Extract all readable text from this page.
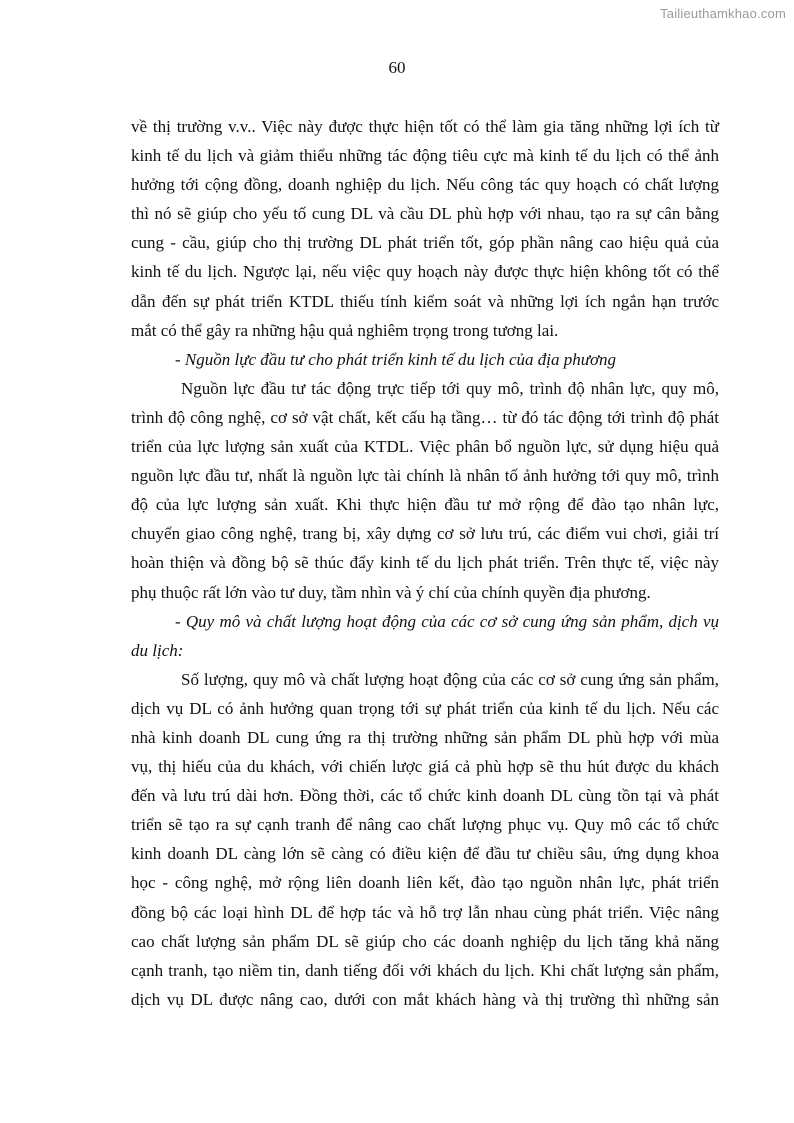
Tailieuthamkhao.com
60
về thị trường v.v.. Việc này được thực hiện tốt có thể làm gia tăng những lợi ích từ
kinh tế du lịch và giảm thiểu những tác động tiêu cực mà kinh tế du lịch có thể ảnh
hưởng tới cộng đồng, doanh nghiệp du lịch. Nếu công tác quy hoạch có chất lượng
thì nó sẽ giúp cho yếu tố cung DL và cầu DL phù hợp với nhau, tạo ra sự cân bằng
cung - cầu, giúp cho thị trường DL phát triển tốt, góp phần nâng cao hiệu quả của
kinh tế du lịch. Ngược lại, nếu việc quy hoạch này được thực hiện không tốt có thể
dẫn đến sự phát triển KTDL thiếu tính kiểm soát và những lợi ích ngắn hạn trước
mắt có thể gây ra những hậu quả nghiêm trọng trong tương lai.
- Nguồn lực đầu tư cho phát triển kinh tế du lịch của địa phương
Nguồn lực đầu tư tác động trực tiếp tới quy mô, trình độ nhân lực, quy mô,
trình độ công nghệ, cơ sở vật chất, kết cấu hạ tầng… từ đó tác động tới trình độ phát
triển của lực lượng sản xuất của KTDL. Việc phân bổ nguồn lực, sử dụng hiệu quả
nguồn lực đầu tư, nhất là nguồn lực tài chính là nhân tố ảnh hưởng tới quy mô, trình
độ của lực lượng sản xuất. Khi thực hiện đầu tư mở rộng để đào tạo nhân lực,
chuyển giao công nghệ, trang bị, xây dựng cơ sở lưu trú, các điểm vui chơi, giải trí
hoàn thiện và đồng bộ sẽ thúc đẩy kinh tế du lịch phát triển. Trên thực tế, việc này
phụ thuộc rất lớn vào tư duy, tầm nhìn và ý chí của chính quyền địa phương.
- Quy mô và chất lượng hoạt động của các cơ sở cung ứng sản phẩm, dịch vụ
du lịch:
Số lượng, quy mô và chất lượng hoạt động của các cơ sở cung ứng sản phẩm,
dịch vụ DL có ảnh hưởng quan trọng tới sự phát triển của kinh tế du lịch. Nếu các
nhà kinh doanh DL cung ứng ra thị trường những sản phẩm DL phù hợp với mùa
vụ, thị hiếu của du khách, với chiến lược giá cả phù hợp sẽ thu hút được du khách
đến và lưu trú dài hơn. Đồng thời, các tổ chức kinh doanh DL cùng tồn tại và phát
triển sẽ tạo ra sự cạnh tranh để nâng cao chất lượng phục vụ. Quy mô các tổ chức
kinh doanh DL càng lớn sẽ càng có điều kiện để đầu tư chiều sâu, ứng dụng khoa
học - công nghệ, mở rộng liên doanh liên kết, đào tạo nguồn nhân lực, phát triển
đồng bộ các loại hình DL để hợp tác và hỗ trợ lẫn nhau cùng phát triển. Việc nâng
cao chất lượng sản phẩm DL sẽ giúp cho các doanh nghiệp du lịch tăng khả năng
cạnh tranh, tạo niềm tin, danh tiếng đối với khách du lịch. Khi chất lượng sản phẩm,
dịch vụ DL được nâng cao, dưới con mắt khách hàng và thị trường thì những sản
